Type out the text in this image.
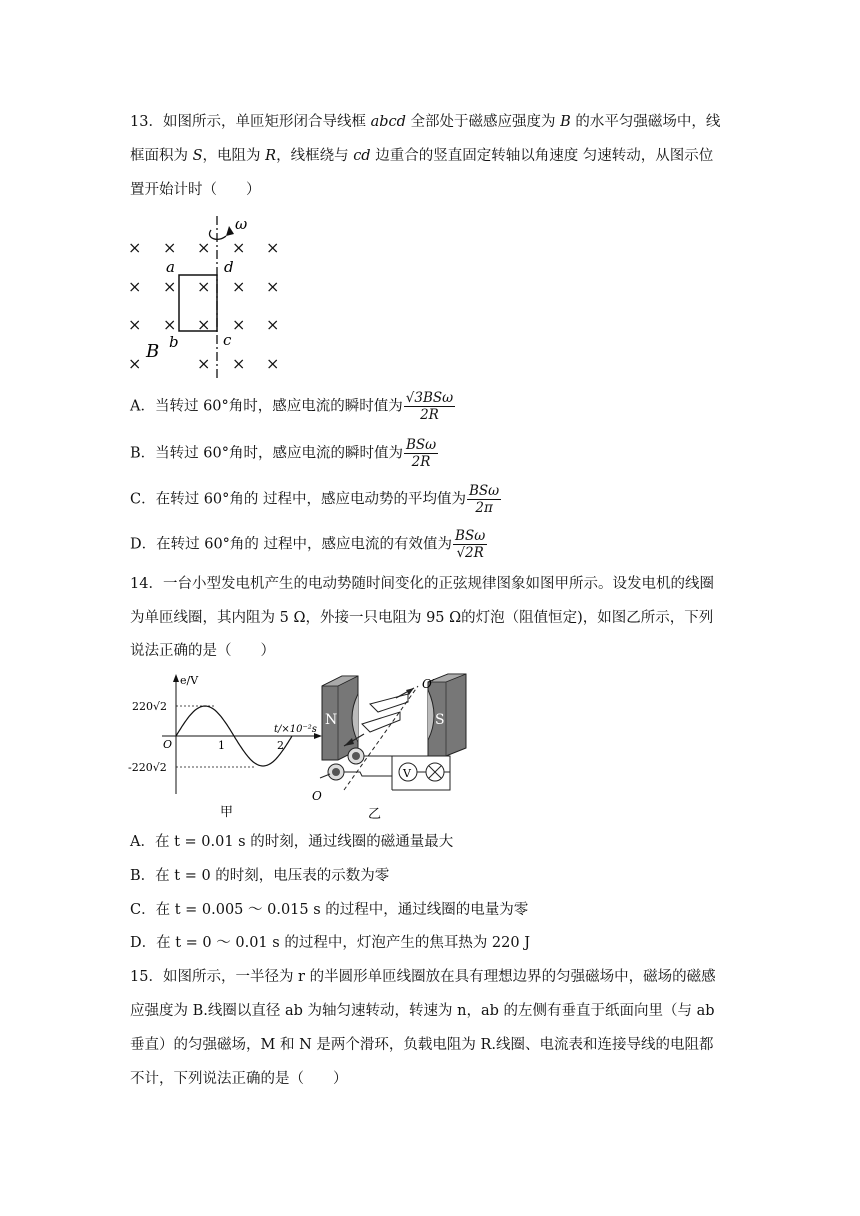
13．如图所示，单匝矩形闭合导线框 abcd 全部处于磁感应强度为 B 的水平匀强磁场中，线
框面积为 S，电阻为 R，线框绕与 cd 边重合的竖直固定转轴以角速度 匀速转动，从图示位
置开始计时（　　）
× × × × ×
× × × × ×
× × × × ×
×	× × ×
ω
a	d
b	c
B
A．当转过 60°角时，感应电流的瞬时值为 $\frac{\text{√3BSω}}{2R}$
B．当转过 60°角时，感应电流的瞬时值为 $\frac{\text{BSω}}{2R}$
C．在转过 60°角的 过程中，感应电动势的平均值为 $\frac{\text{BSω}}{2\pi}$
D．在转过 60°角的 过程中，感应电流的有效值为 $\frac{\text{BSω}}{√2R}$
14．一台小型发电机产生的电动势随时间变化的正弦规律图象如图甲所示。设发电机的线圈
为单匝线圈，其内阻为 5 Ω，外接一只电阻为 95 Ω的灯泡（阻值恒定)，如图乙所示，下列
说法正确的是（　　）
e/V
t/×10⁻²s
O
220√2
-220√2
1	2
甲
N	S
V
O′
O
乙
A．在 t = 0.01 s 的时刻，通过线圈的磁通量最大
B．在 t = 0 的时刻，电压表的示数为零
C．在 t = 0.005 ～ 0.015 s 的过程中，通过线圈的电量为零
D．在 t = 0 ～ 0.01 s 的过程中，灯泡产生的焦耳热为 220 J
15．如图所示，一半径为 r 的半圆形单匝线圈放在具有理想边界的匀强磁场中，磁场的磁感
应强度为 B.线圈以直径 ab 为轴匀速转动，转速为 n，ab 的左侧有垂直于纸面向里（与 ab
垂直）的匀强磁场，M 和 N 是两个滑环，负载电阻为 R.线圈、电流表和连接导线的电阻都
不计，下列说法正确的是（　　）
